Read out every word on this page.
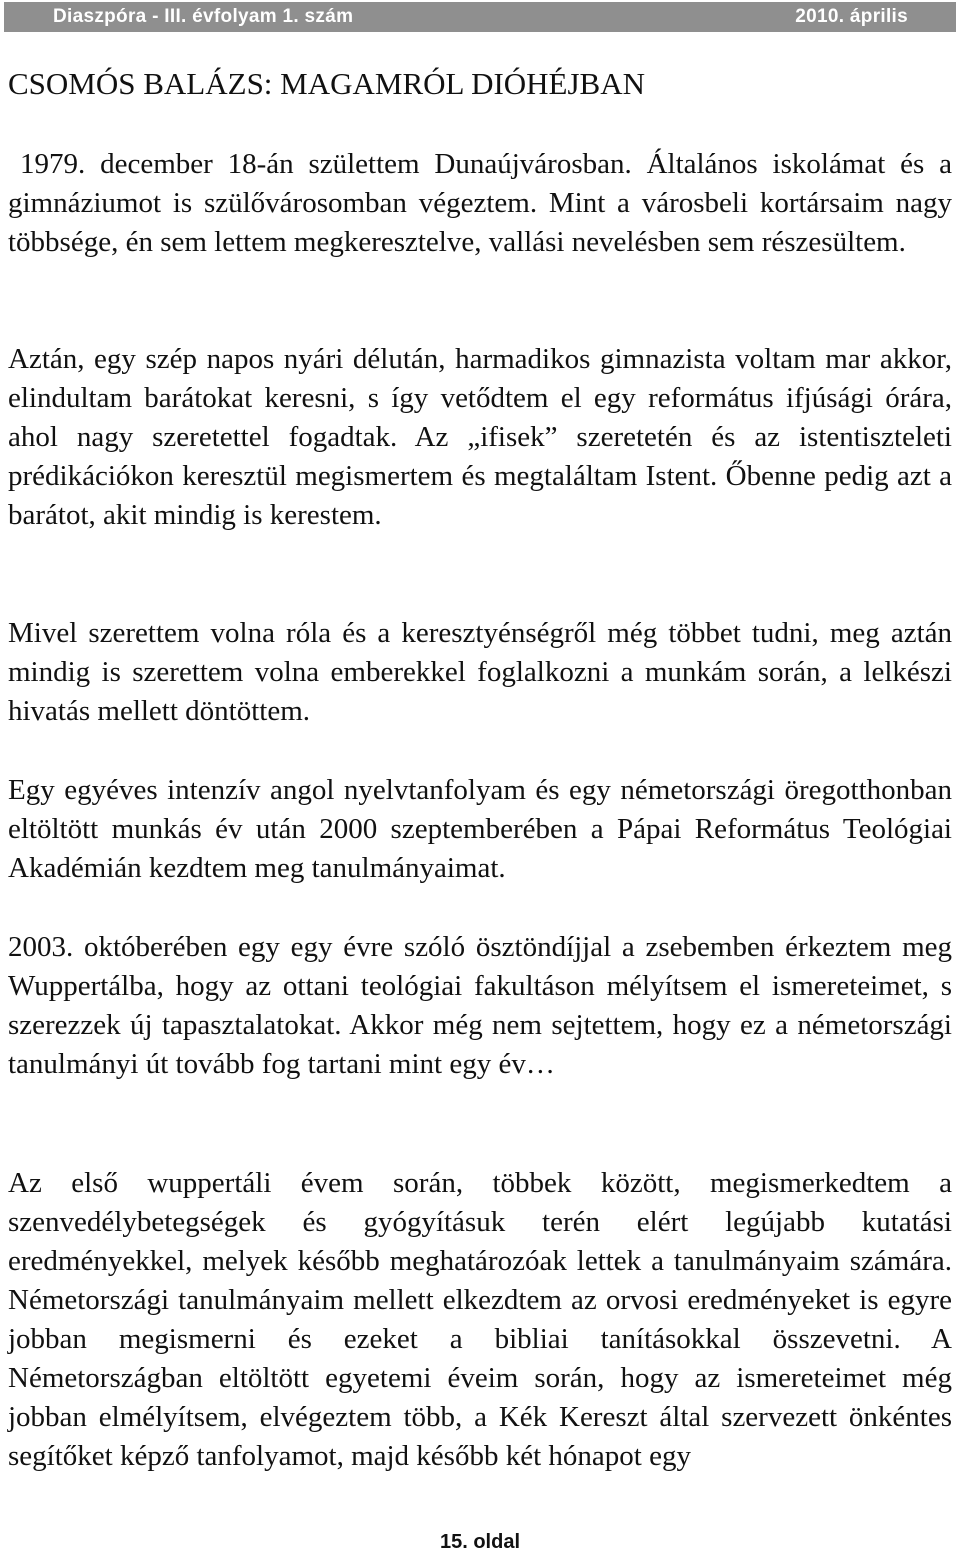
Diaszpóra - III. évfolyam 1. szám	2010. április
CSOMÓS BALÁZS: MAGAMRÓL DIÓHÉJBAN

1979. december 18-án születtem Dunaújvárosban. Általános iskolámat és a gimnáziumot is szülővárosomban végeztem. Mint a városbeli kortársaim nagy többsége, én sem lettem megkeresztelve, vallási nevelésben sem részesültem.

Aztán, egy szép napos nyári délután, harmadikos gimnazista voltam mar akkor, elindultam barátokat keresni, s így vetődtem el egy református ifjúsági órára, ahol nagy szeretettel fogadtak. Az „ifisek” szeretetén és az istentiszteleti prédikációkon keresztül megismertem és megtaláltam Istent. Őbenne pedig azt a barátot, akit mindig is kerestem.

Mivel szerettem volna róla és a keresztyénségről még többet tudni, meg aztán mindig is szerettem volna emberekkel foglalkozni a munkám során, a lelkészi hivatás mellett döntöttem.

Egy egyéves intenzív angol nyelvtanfolyam és egy németországi öregotthonban eltöltött munkás év után 2000 szeptemberében a Pápai Református Teológiai Akadémián kezdtem meg tanulmányaimat.

2003. októberében egy egy évre szóló ösztöndíjjal a zsebemben érkeztem meg Wuppertálba, hogy az ottani teológiai fakultáson mélyítsem el ismereteimet, s szerezzek új tapasztalatokat. Akkor még nem sejtettem, hogy ez a németországi tanulmányi út tovább fog tartani mint egy év…

Az első wuppertáli évem során, többek között, megismerkedtem a szenvedélybetegségek és gyógyításuk terén elért legújabb kutatási eredményekkel, melyek később meghatározóak lettek a tanulmányaim számára. Németországi tanulmányaim mellett elkezdtem az orvosi eredményeket is egyre jobban megismerni és ezeket a bibliai tanításokkal összevetni. A Németországban eltöltött egyetemi éveim során, hogy az ismereteimet még jobban elmélyítsem, elvégeztem több, a Kék Kereszt által szervezett önkéntes segítőket képző tanfolyamot, majd később két hónapot egy

15. oldal
